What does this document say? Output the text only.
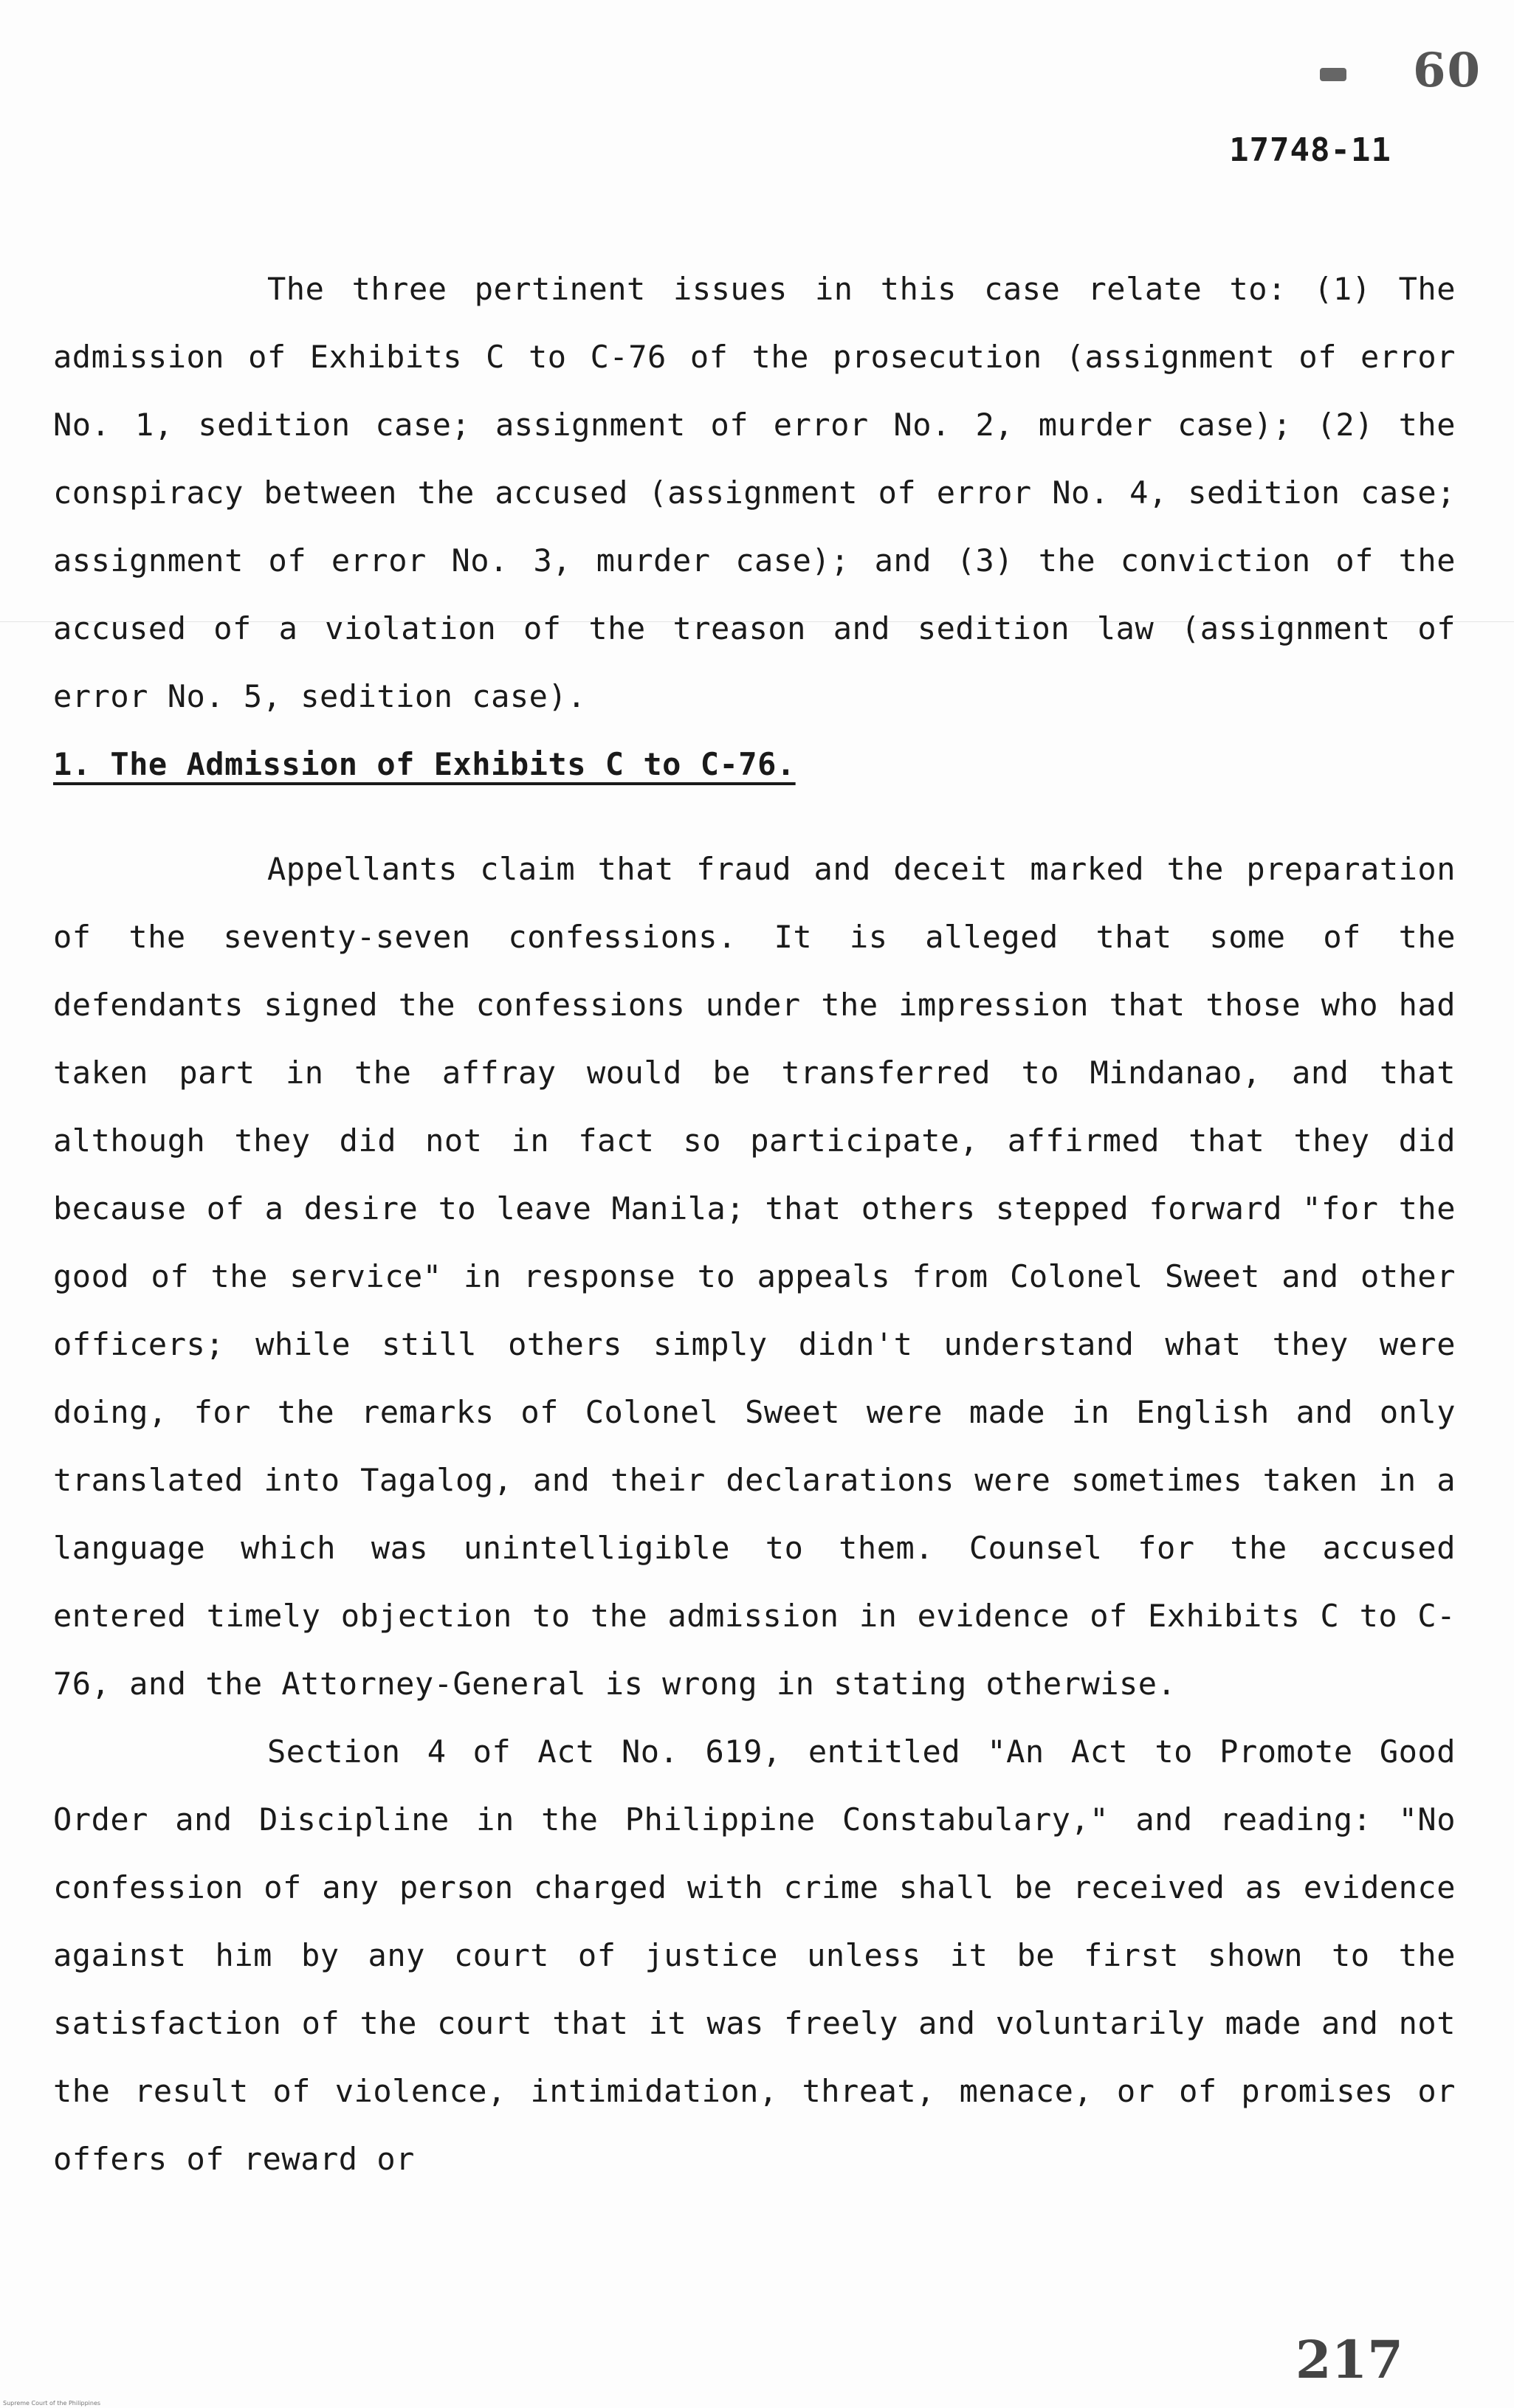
60
17748-11

The three pertinent issues in this case relate to: (1) The admission of Exhibits C to C-76 of the prosecution (assignment of error No. 1, sedition case; assignment of error No. 2, murder case); (2) the conspiracy between the accused (assignment of error No. 4, sedition case; assignment of error No. 3, murder case); and (3) the conviction of the accused of a violation of the treason and sedition law (assignment of error No. 5, sedition case).

1. The Admission of Exhibits C to C-76.

Appellants claim that fraud and deceit marked the preparation of the seventy-seven confessions. It is alleged that some of the defendants signed the confessions under the impression that those who had taken part in the affray would be transferred to Mindanao, and that although they did not in fact so participate, affirmed that they did because of a desire to leave Manila; that others stepped forward "for the good of the service" in response to appeals from Colonel Sweet and other officers; while still others simply didn't understand what they were doing, for the remarks of Colonel Sweet were made in English and only translated into Tagalog, and their declarations were sometimes taken in a language which was unintelligible to them. Counsel for the accused entered timely objection to the admission in evidence of Exhibits C to C-76, and the Attorney-General is wrong in stating otherwise.

Section 4 of Act No. 619, entitled "An Act to Promote Good Order and Discipline in the Philippine Constabulary," and reading: "No confession of any person charged with crime shall be received as evidence against him by any court of justice unless it be first shown to the satisfaction of the court that it was freely and voluntarily made and not the result of violence, intimidation, threat, menace, or of promises or offers of reward or

217
Supreme Court of the Philippines
